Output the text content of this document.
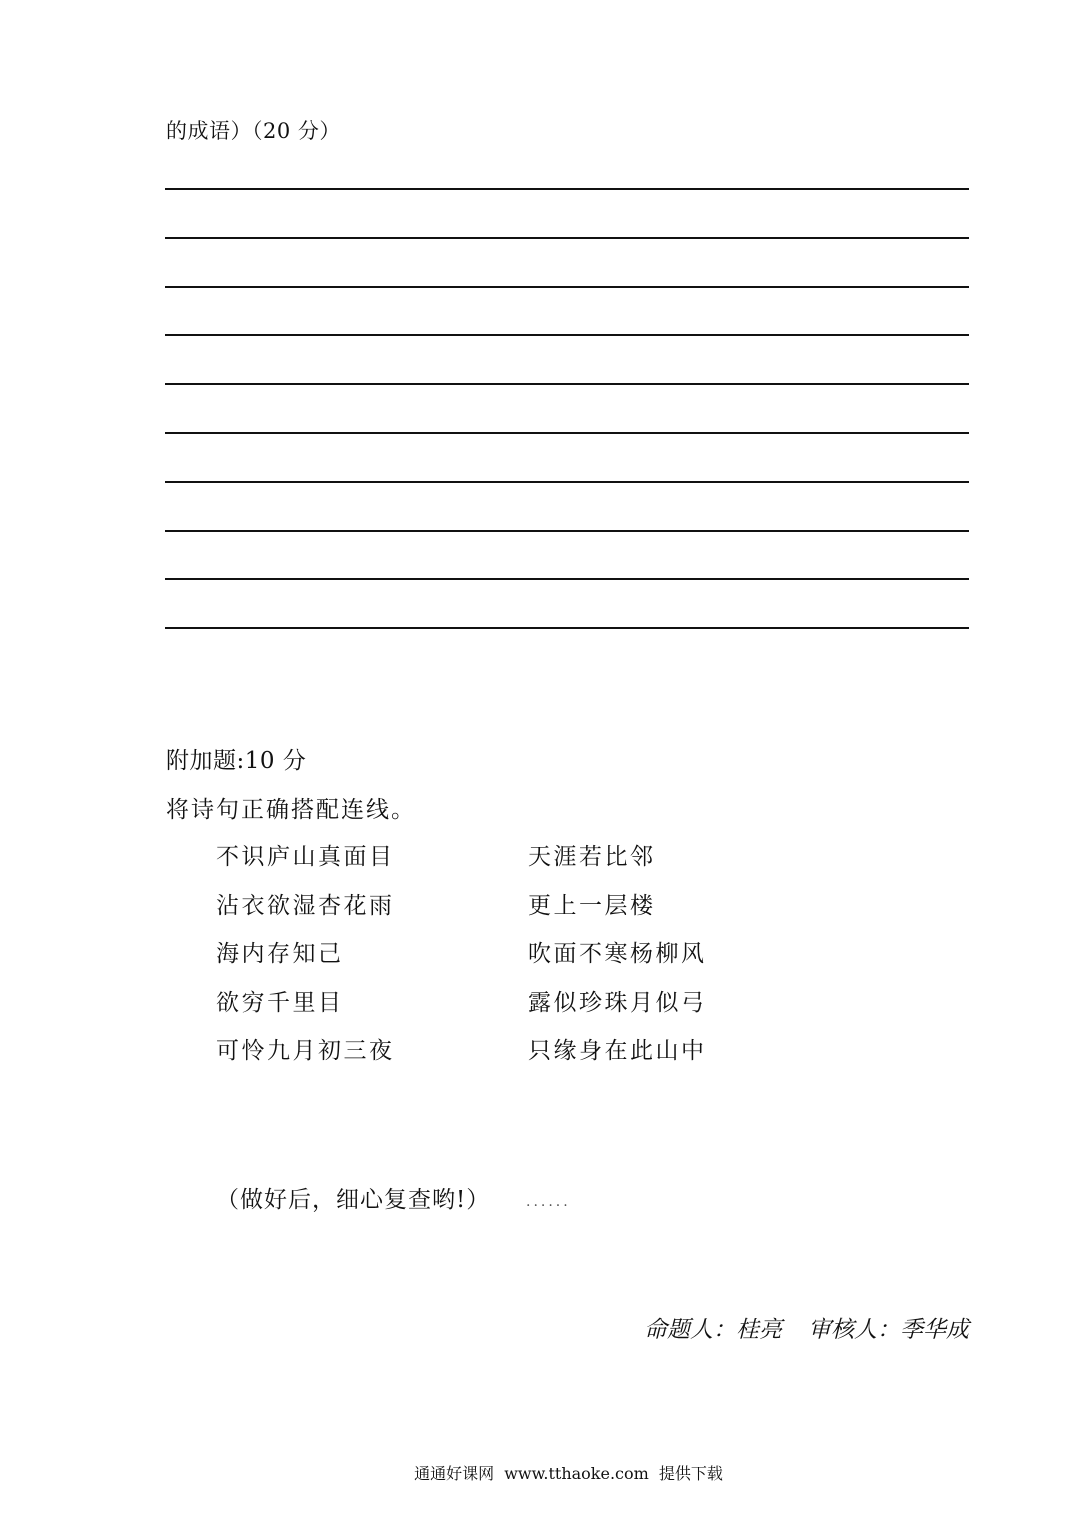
的成语）（20 分）
附加题:10 分
将诗句正确搭配连线。
不识庐山真面目	天涯若比邻
沾衣欲湿杏花雨	更上一层楼
海内存知己	吹面不寒杨柳风
欲穷千里目	露似珍珠月似弓
可怜九月初三夜	只缘身在此山中
（做好后，细心复查哟!）	......
命题人：桂亮 审核人：季华成
通通好课网 www.tthaoke.com 提供下载
